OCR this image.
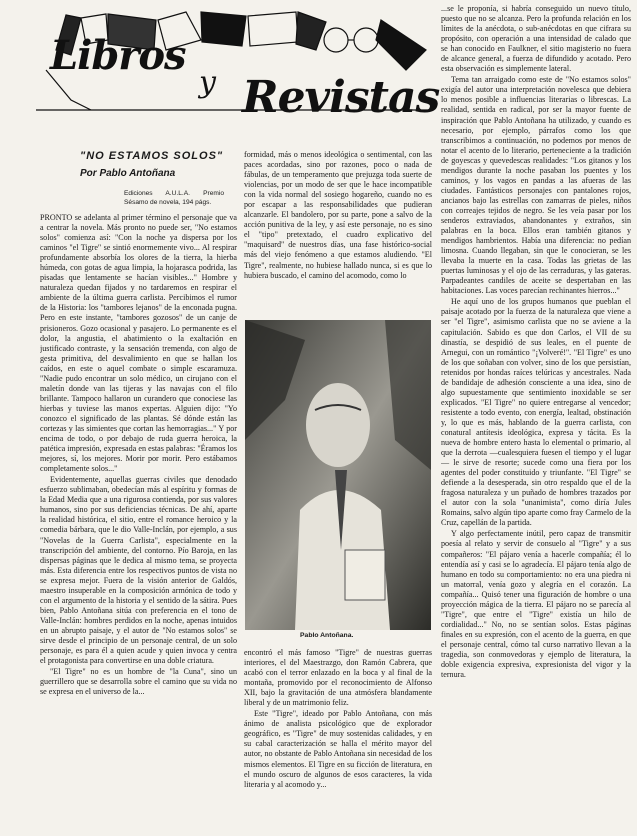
Libros
y Revistas
"NO ESTAMOS SOLOS"
Por Pablo Antoñana
Ediciones A.U.L.A. Premio Sésamo de novela, 194 págs.

PRONTO se adelanta al primer término el personaje que va a centrar la novela. Más pronto no puede ser, "No estamos solos" comienza así: "Con la noche ya dispersa por los caminos "el Tigre" se sintió enormemente vivo... Al respirar profundamente absorbía los olores de la tierra, la hierba húmeda, con gotas de agua limpia, la hojarasca podrida, las pisadas que lentamente se hacían visibles..." Hombre y naturaleza quedan fijados y no tardaremos en respirar el ambiente de la última guerra carlista. Percibimos el rumor de la Historia: los "tambores lejanos" de la enconada pugna. Pero en este instante, "tambores gozosos" de un canje de prisioneros. Gozo ocasional y pasajero. Lo permanente es el dolor, la angustia, el abatimiento o la exaltación en justificado contraste, y la sensación tremenda, con algo de gesta primitiva, del desvalimiento en que se hallan los caídos, en este o aquel combate o simple escaramuza. "Nadie pudo encontrar un solo médico, un cirujano con el maletín donde van las tijeras y las navajas con el filo brillante. Tampoco hallaron un curandero que conociese las hierbas y tuviese las manos expertas. Alguien dijo: "Yo conozco el significado de las plantas. Sé dónde están las cortezas y las simientes que cortan las hemorragias..." Y por encima de todo, o por debajo de ruda guerra heroica, la patética impresión, expresada en estas palabras: "Éramos los mejores, sí, los mejores. Morir por morir. Pero estábamos completamente solos..."

Evidentemente, aquellas guerras civiles que denodado esfuerzo sublimaban, obedecían más al espíritu y formas de la Edad Media que a una rigurosa contienda, por sus valores humanos, sino por sus deficiencias técnicas. De ahí, aparte la realidad histórica, el sitio, entre el romance heroico y la comedia bárbara, que le dio Valle-Inclán, por ejemplo, a sus "Novelas de la Guerra Carlista", especialmente en la transcripción del ambiente, del contorno. Pío Baroja, en las dispersas páginas que le dedica al mismo tema, se proyecta más. Esta diferencia entre los respectivos puntos de vista no se expresa mejor. Fuera de la visión anterior de Galdós, maestro insuperable en la composición armónica de todo y con el argumento de la historia y el sentido de la sátira. Pues bien, Pablo Antoñana sitúa con preferencia en el tono de Valle-Inclán: hombres perdidos en la noche, apenas intuidos en un abrupto paisaje, y el autor de "No estamos solos" se sirve desde el principio de un personaje central, de un solo personaje, es para él a quien acude y quien invoca y centra el protagonista para convertirse en una doble criatura.

"El Tigre" no es un hombre de "la Cuna", sino un guerrillero que se desarrolla sobre el camino que su vida no se expresa en el universo de la...

formidad, más o menos ideológica o sentimental, con las paces acordadas, sino por razones, poco o nada de fábulas, de un temperamento que prejuzga toda suerte de violencias, por un modo de ser que le hace incompatible con la vida normal del sosiego hogareño, cuando no es por escapar a las responsabilidades que pudieran alcanzarle. El bandolero, por su parte, pone a salvo de la acción punitiva de la ley, y así este personaje, no es sino el "tipo" pretextado, el cuadro explicativo del "maquisard" de nuestros días, una fase histórico-social más del viejo fenómeno a que estamos aludiendo. "El Tigre", realmente, no hubiese hallado nunca, si es que lo hubiera buscado, el camino del acomodo, como lo

Pablo Antoñana.

encontró el más famoso "Tigre" de nuestras guerras interiores, el del Maestrazgo, don Ramón Cabrera, que acabó con el terror enlazado en la boca y al final de la montaña, promovido por el reconocimiento de Alfonso XII, bajo la gravitación de una atmósfera blandamente liberal y de un matrimonio feliz.

Este "Tigre", ideado por Pablo Antoñana, con más ánimo de analista psicológico que de explorador geográfico, es "Tigre" de muy sostenidas calidades, y en su cabal caracterización se halla el mérito mayor del autor, no obstante de Pablo Antoñana sin necesidad de los mismos elementos. El Tigre en su ficción de literatura, en el mundo oscuro de algunos de esos caracteres, la vida literaria y al acomodo y...

...se le proponía, si habría conseguido un nuevo título, puesto que no se alcanza. Pero la profunda relación en los límites de la anécdota, o sub-anécdotas en que cifrara su propósito, con operación a una intensidad de calado que se han conocido en Faulkner, el sitio magisterio no fuera de alcance general, a fuerza de difundido y acotado. Pero esta observación es simplemente lateral.

Tema tan arraigado como este de "No estamos solos" exigía del autor una interpretación novelesca que debiera lo menos posible a influencias literarias o librescas. La realidad, sentida en radical, por ser la mayor fuente de inspiración que Pablo Antoñana ha utilizado, y cuando es necesario, por ejemplo, párrafos como los que transcribimos a continuación, no podemos por menos de notar el acento de lo literario, perteneciente a la tradición de goyescas y quevedescas realidades: "Los gitanos y los mendigos durante la noche pasaban los puentes y los caminos, y los vagos en pandas a las afueras de las ciudades. Fantásticos personajes con pantalones rojos, ancianos bajo las estrellas con zamarras de pieles, niños con correajes tejidos de negro. Se les veía pasar por los senderos extraviados, abandonantes y extraños, sin palabras en la boca. Ellos eran también gitanos y mendigos hambrientos. Había una diferencia: no pedían limosna. Cuando llegaban, sin que le conocieran, se les llevaba la muerte en la casa. Todas las grietas de las puertas luminosas y el ojo de las cerraduras, y las gateras. Parpadeantes candiles de aceite se despertaban en las habitaciones. Las voces parecían rechinantes hierros..."

He aquí uno de los grupos humanos que pueblan el paisaje acotado por la fuerza de la naturaleza que viene a ser "el Tigre", asimismo carlista que no se aviene a la capitulación. Sabido es que don Carlos, el VII de su dinastía, se despidió de sus leales, en el puente de Arnegui, con un romántico "¡Volveré!". "El Tigre" es uno de los que soñaban con volver, sino de los que persistían, retenidos por hondas raíces telúricas y ancestrales. Nada de bandidaje de adhesión consciente a una idea, sino de algo supuestamente que sentimiento inoxidable se ser explicados. "El Tigre" no quiere entregarse al vencedor; resistente a todo evento, con energía, lealtad, obstinación y, lo que es más, hablando de la guerra carlista, con conatural antítesis ideológica, expresa y tácita. Es la nueva de hombre entero hasta lo elemental o primario, al que la derrota —cualesquiera fuesen el tiempo y el lugar— le sirve de resorte; sucede como una fiera por los agentes del poder constituido y triunfante. "El Tigre" se defiende a la desesperada, sin otro respaldo que el de la fragosa naturaleza y un puñado de hombres trazados por el autor con la sola "unanimista", como diría Jules Romains, salvo algún tipo aparte como fray Carmelo de la Cruz, capellán de la partida.

Y algo perfectamente inútil, pero capaz de transmitir poesía al relato y servir de consuelo al "Tigre" y a sus compañeros: "El pájaro venía a hacerle compañía; él lo entendía así y casi se lo agradecía. El pájaro tenía algo de humano en todo su comportamiento: no era una piedra ni un matorral, venía gozo y alegría en el corazón. La compañía... Quisó tener una figuración de hombre o una proyección mágica de la tierra. El pájaro no se parecía al "Tigre", que entre el "Tigre" existía un hilo de cordialidad..." No, no se sentían solos. Estas páginas finales en su expresión, con el acento de la guerra, en que el personaje central, cómo tal curso narrativo llevan a la tragedia, son conmovedoras y ejemplo de literatura, la doble exigencia expresiva, expresionista del vigor y la ternura.
